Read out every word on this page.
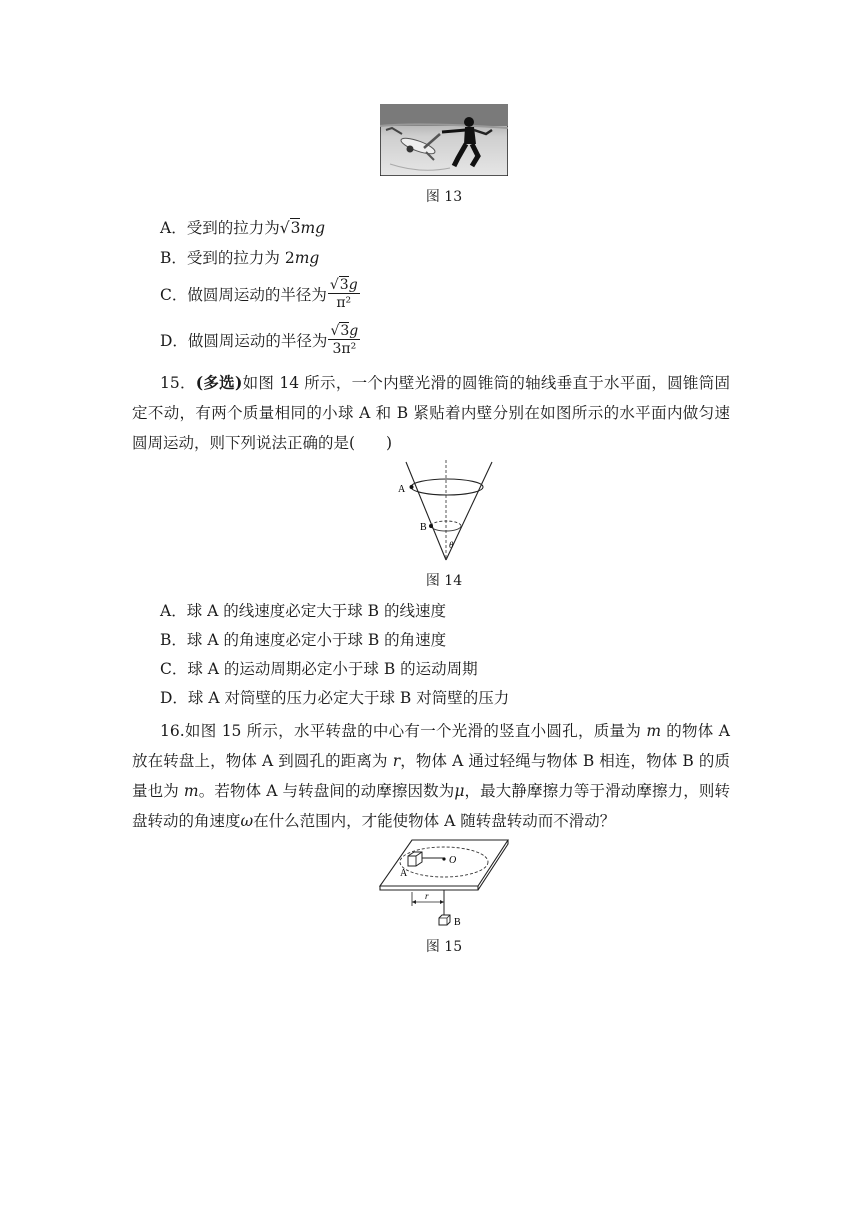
图 13
A．受到的拉力为√3mg
B．受到的拉力为 2mg
C．做圆周运动的半径为 $\frac{√3g}{\text{π²}}$
D．做圆周运动的半径为 $\frac{√3g}{\text{3π²}}$
15．(多选)如图 14 所示，一个内壁光滑的圆锥筒的轴线垂直于水平面，圆锥筒固定不动，有两个质量相同的小球 A 和 B 紧贴着内壁分别在如图所示的水平面内做匀速圆周运动，则下列说法正确的是(　　)
A
B
θ
图 14
A．球 A 的线速度必定大于球 B 的线速度
B．球 A 的角速度必定小于球 B 的角速度
C．球 A 的运动周期必定小于球 B 的运动周期
D．球 A 对筒壁的压力必定大于球 B 对筒壁的压力
16.如图 15 所示，水平转盘的中心有一个光滑的竖直小圆孔，质量为 m 的物体 A 放在转盘上，物体 A 到圆孔的距离为 r，物体 A 通过轻绳与物体 B 相连，物体 B 的质量也为 m。若物体 A 与转盘间的动摩擦因数为μ，最大静摩擦力等于滑动摩擦力，则转盘转动的角速度ω在什么范围内，才能使物体 A 随转盘转动而不滑动？
O
A
r
B
图 15
